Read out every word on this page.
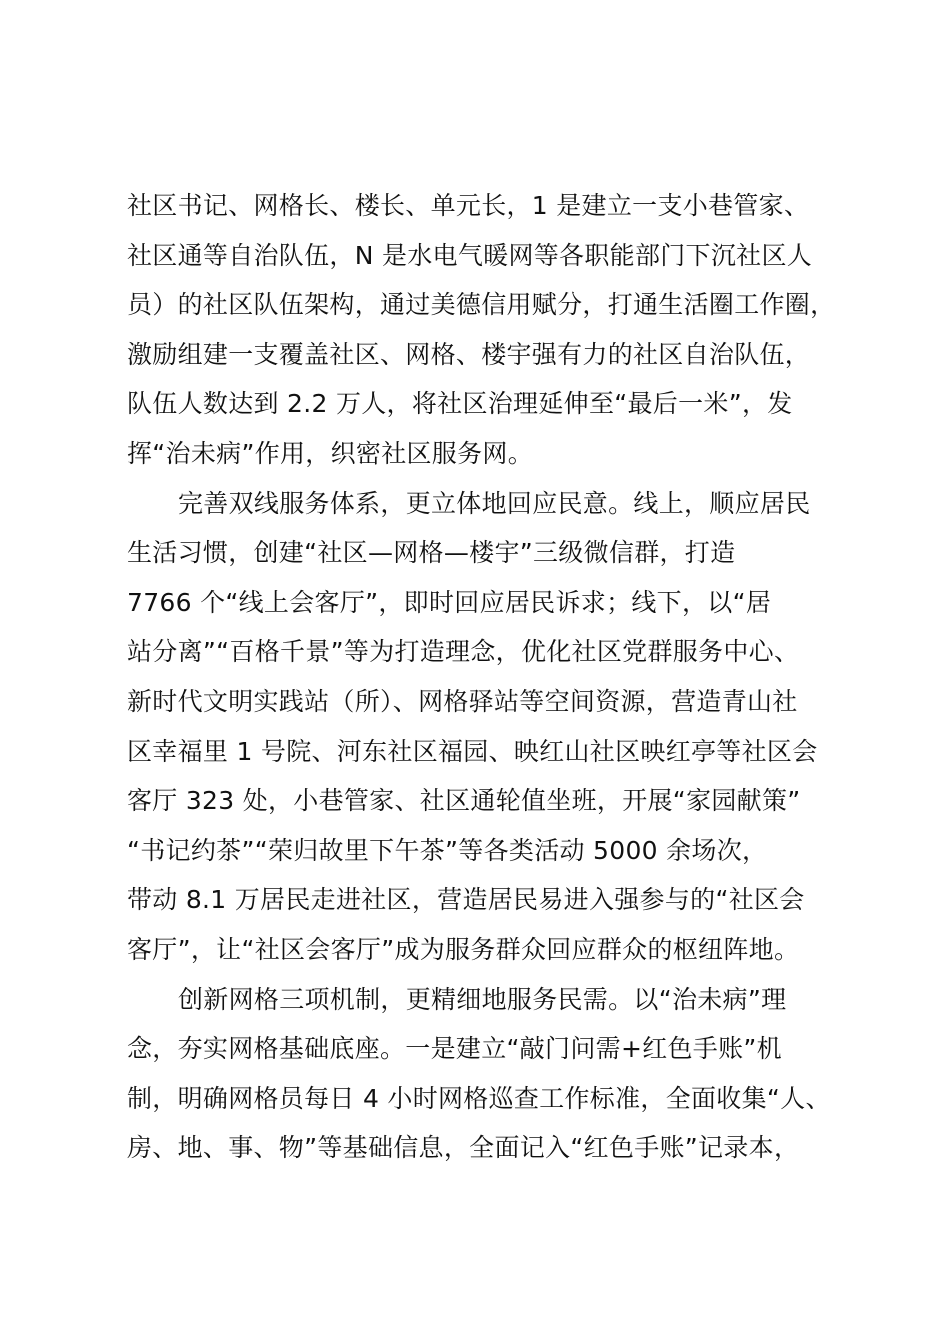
社区书记、网格长、楼长、单元长，1 是建立一支小巷管家、
社区通等自治队伍，N 是水电气暖网等各职能部门下沉社区人
员）的社区队伍架构，通过美德信用赋分，打通生活圈工作圈，
激励组建一支覆盖社区、网格、楼宇强有力的社区自治队伍，
队伍人数达到 2.2 万人，将社区治理延伸至“最后一米”，发
挥“治未病”作用，织密社区服务网。
完善双线服务体系，更立体地回应民意。线上，顺应居民
生活习惯，创建“社区—网格—楼宇”三级微信群，打造
7766 个“线上会客厅”，即时回应居民诉求；线下，以“居
站分离”“百格千景”等为打造理念，优化社区党群服务中心、
新时代文明实践站（所）、网格驿站等空间资源，营造青山社
区幸福里 1 号院、河东社区福园、映红山社区映红亭等社区会
客厅 323 处，小巷管家、社区通轮值坐班，开展“家园献策”
“书记约茶”“荣归故里下午茶”等各类活动 5000 余场次，
带动 8.1 万居民走进社区，营造居民易进入强参与的“社区会
客厅”，让“社区会客厅”成为服务群众回应群众的枢纽阵地。
创新网格三项机制，更精细地服务民需。以“治未病”理
念，夯实网格基础底座。一是建立“敲门问需+红色手账”机
制，明确网格员每日 4 小时网格巡查工作标准，全面收集“人、
房、地、事、物”等基础信息，全面记入“红色手账”记录本，
